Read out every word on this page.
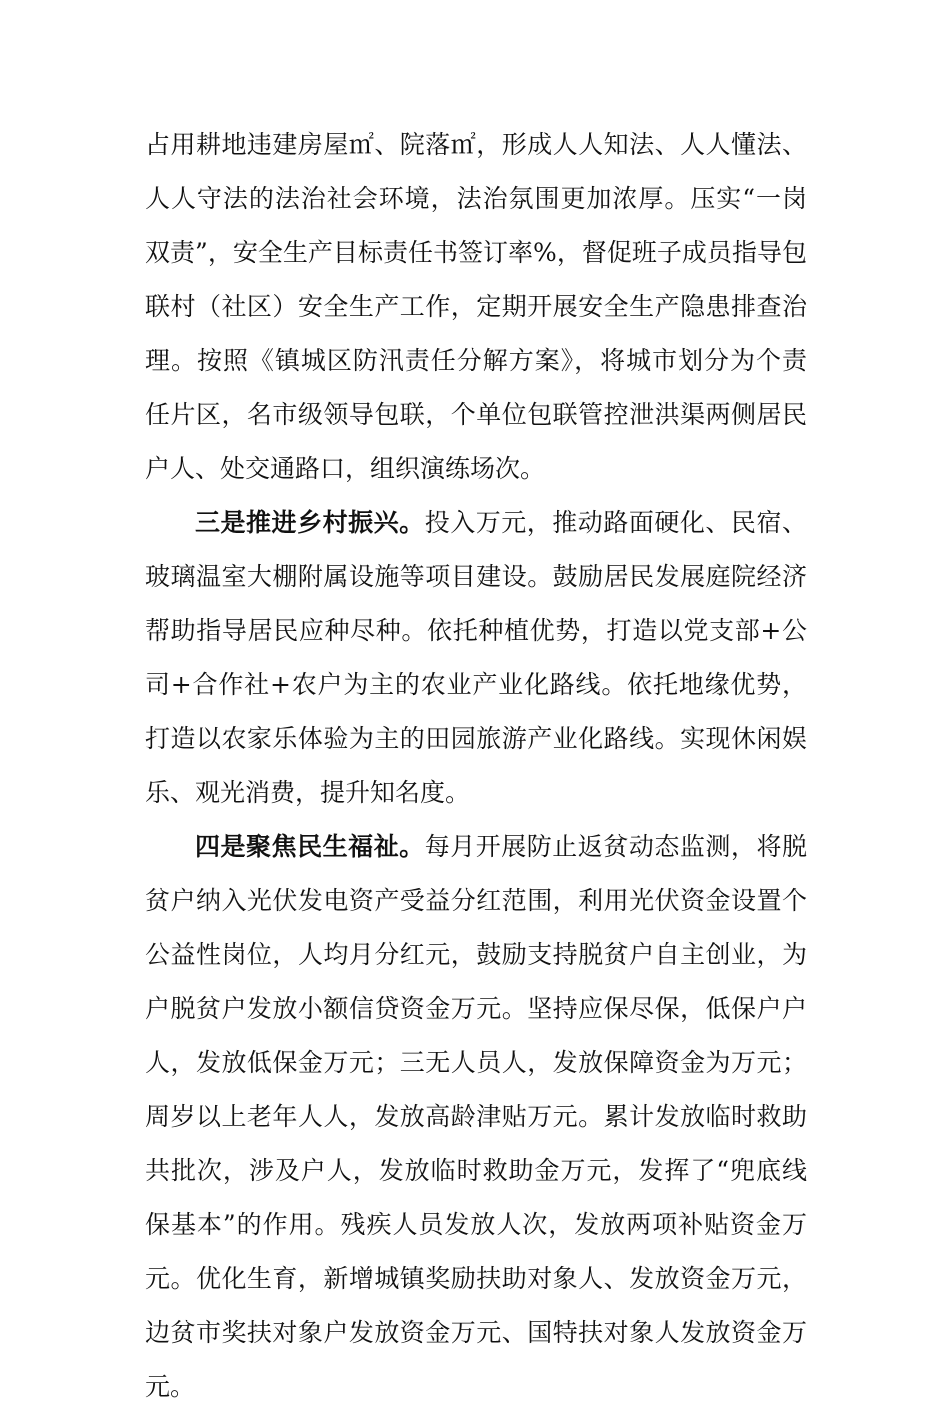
占用耕地违建房屋㎡、院落㎡，形成人人知法、人人懂法、人人守法的法治社会环境，法治氛围更加浓厚。压实“一岗双责”，安全生产目标责任书签订率%，督促班子成员指导包联村（社区）安全生产工作，定期开展安全生产隐患排查治理。按照《镇城区防汛责任分解方案》，将城市划分为个责任片区，名市级领导包联，个单位包联管控泄洪渠两侧居民户人、处交通路口，组织演练场次。

三是推进乡村振兴。投入万元，推动路面硬化、民宿、玻璃温室大棚附属设施等项目建设。鼓励居民发展庭院经济帮助指导居民应种尽种。依托种植优势，打造以党支部+公司+合作社+农户为主的农业产业化路线。依托地缘优势，打造以农家乐体验为主的田园旅游产业化路线。实现休闲娱乐、观光消费，提升知名度。

四是聚焦民生福祉。每月开展防止返贫动态监测，将脱贫户纳入光伏发电资产受益分红范围，利用光伏资金设置个公益性岗位，人均月分红元，鼓励支持脱贫户自主创业，为户脱贫户发放小额信贷资金万元。坚持应保尽保，低保户户人，发放低保金万元；三无人员人，发放保障资金为万元；周岁以上老年人人，发放高龄津贴万元。累计发放临时救助共批次，涉及户人，发放临时救助金万元，发挥了“兜底线保基本”的作用。残疾人员发放人次，发放两项补贴资金万元。优化生育，新增城镇奖励扶助对象人、发放资金万元，边贫市奖扶对象户发放资金万元、国特扶对象人发放资金万元。
